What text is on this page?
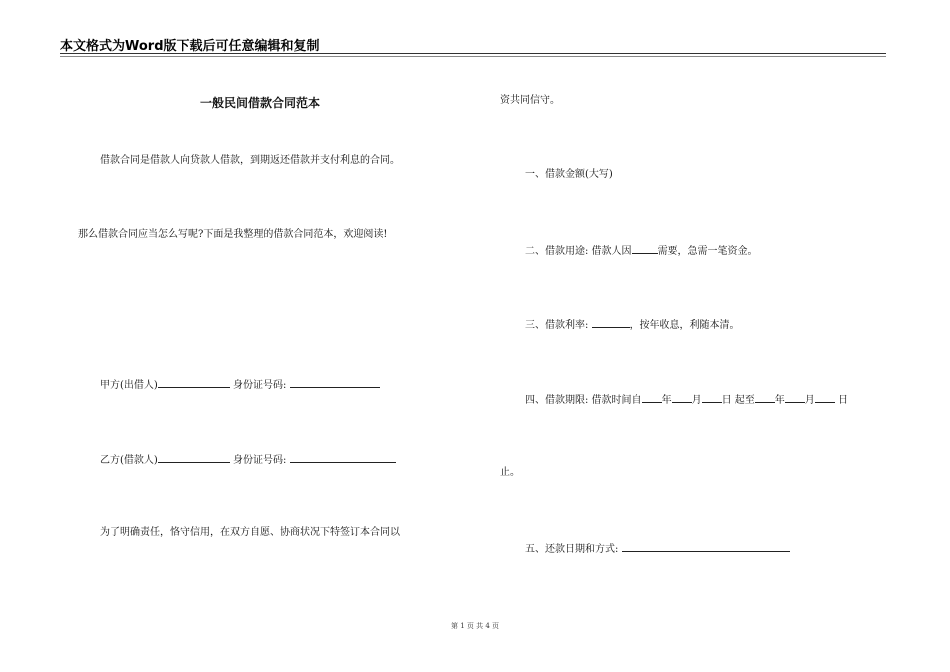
本文格式为Word版下载后可任意编辑和复制
一般民间借款合同范本
借款合同是借款人向贷款人借款，到期返还借款并支付利息的合同。
那么借款合同应当怎么写呢?下面是我整理的借款合同范本，欢迎阅读!
甲方(出借人)	身份证号码:
乙方(借款人)	身份证号码:
为了明确责任，恪守信用，在双方自愿、协商状况下特签订本合同以
资共同信守。
一、借款金额(大写)
二、借款用途: 借款人因	需要，急需一笔资金。
三、借款利率:	，按年收息，利随本清。
四、借款期限: 借款时间自 年 月 日 起至 年 月 日
止。
五、还款日期和方式:
第 1 页 共 4 页
